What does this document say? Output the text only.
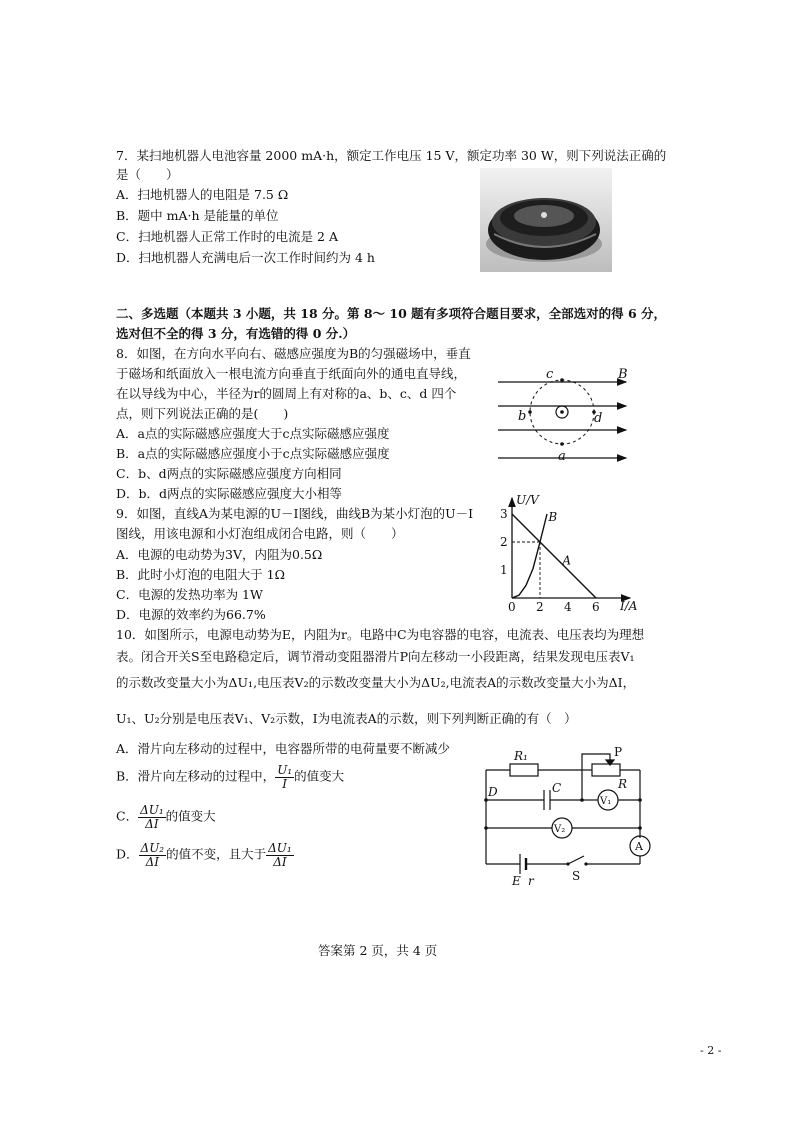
7．某扫地机器人电池容量 2000 mA·h，额定工作电压 15 V，额定功率 30 W，则下列说法正确的
是（　　）
A．扫地机器人的电阻是 7.5 Ω
B．题中 mA·h 是能量的单位
C．扫地机器人正常工作时的电流是 2 A
D．扫地机器人充满电后一次工作时间约为 4 h
二、多选题（本题共 3 小题，共 18 分。第 8～ 10 题有多项符合题目要求，全部选对的得 6 分，
选对但不全的得 3 分，有选错的得 0 分.）
8．如图，在方向水平向右、磁感应强度为B的匀强磁场中，垂直
于磁场和纸面放入一根电流方向垂直于纸面向外的通电直导线，
在以导线为中心，半径为r的圆周上有对称的a、b、c、d 四个
点，则下列说法正确的是(　　)
A．a点的实际磁感应强度大于c点实际磁感应强度
B．a点的实际磁感应强度小于c点实际磁感应强度
C．b、d两点的实际磁感应强度方向相同
D．b．d两点的实际磁感应强度大小相等
B
c
b	d
a
9．如图，直线A为某电源的U－I图线，曲线B为某小灯泡的U－I
图线，用该电源和小灯泡组成闭合电路，则（　　）
A．电源的电动势为3V，内阻为0.5Ω
B．此时小灯泡的电阻大于 1Ω
C．电源的发热功率为 1W
D．电源的效率约为66.7%
U/V
I/A
0 2 4 6
1
2
3
A
B
10．如图所示，电源电动势为E，内阻为r。电路中C为电容器的电容，电流表、电压表均为理想
表。闭合开关S至电路稳定后，调节滑动变阻器滑片P向左移动一小段距离，结果发现电压表V₁
的示数改变量大小为ΔU₁,电压表V₂的示数改变量大小为ΔU₂,电流表A的示数改变量大小为ΔI，
U₁、U₂分别是电压表V₁、V₂示数，I为电流表A的示数，则下列判断正确的有（　）
A．滑片向左移动的过程中，电容器所带的电荷量要不断减少
B．滑片向左移动的过程中， $\frac{\text{U₁}}{I}$ 的值变大
C． $\frac{\text{ΔU₁}}{\Delta I}$ 的值变大
D． $\frac{\text{ΔU₂}}{\Delta I}$ 的值不变，且大于 $\frac{\text{ΔU₁}}{\Delta I}$
R₁	P
R
D	C
V₁
V₂
A
E r	S
答案第 2 页，共 4 页
- 2 -
